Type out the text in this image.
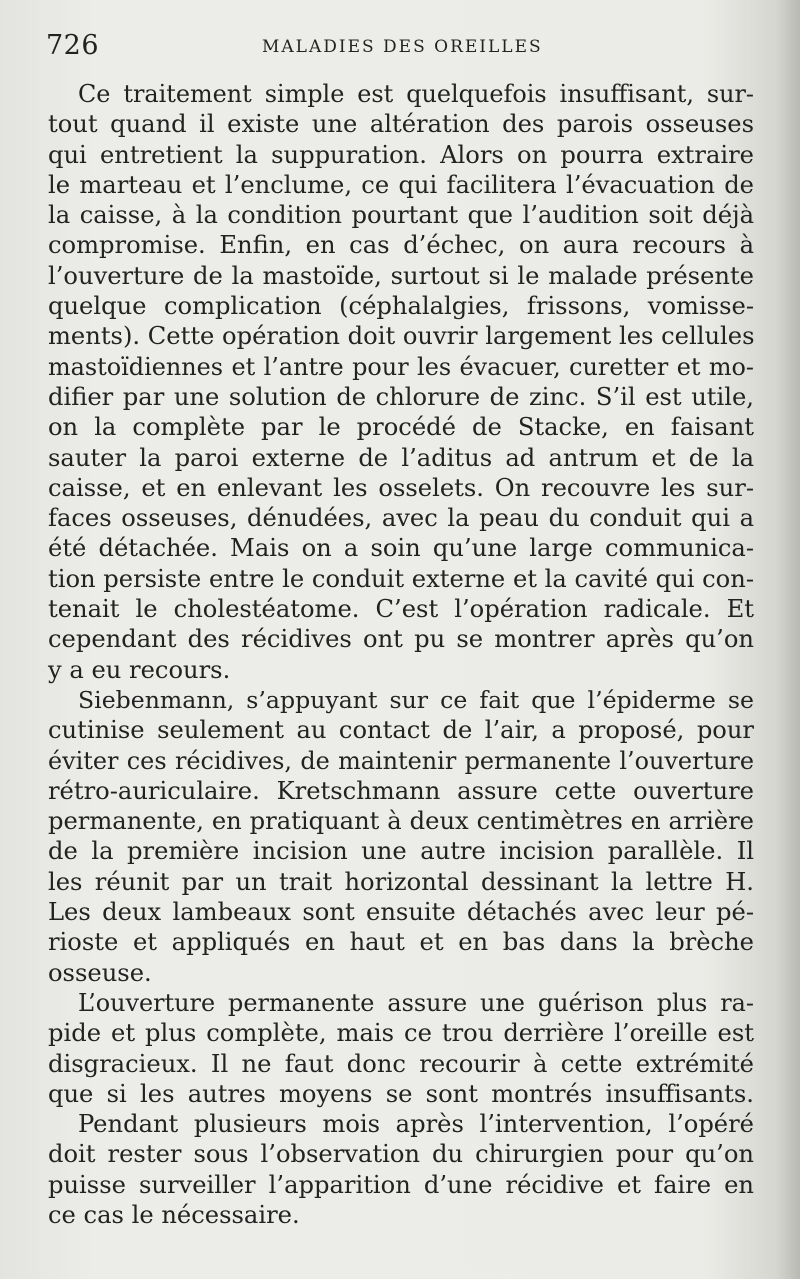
726	MALADIES DES OREILLES
Ce traitement simple est quelquefois insuffisant, sur-
tout quand il existe une altération des parois osseuses
qui entretient la suppuration. Alors on pourra extraire
le marteau et l’enclume, ce qui facilitera l’évacuation de
la caisse, à la condition pourtant que l’audition soit déjà
compromise. Enfin, en cas d’échec, on aura recours à
l’ouverture de la mastoïde, surtout si le malade présente
quelque complication (céphalalgies, frissons, vomisse-
ments). Cette opération doit ouvrir largement les cellules
mastoïdiennes et l’antre pour les évacuer, curetter et mo-
difier par une solution de chlorure de zinc. S’il est utile,
on la complète par le procédé de Stacke, en faisant
sauter la paroi externe de l’aditus ad antrum et de la
caisse, et en enlevant les osselets. On recouvre les sur-
faces osseuses, dénudées, avec la peau du conduit qui a
été détachée. Mais on a soin qu’une large communica-
tion persiste entre le conduit externe et la cavité qui con-
tenait le cholestéatome. C’est l’opération radicale. Et
cependant des récidives ont pu se montrer après qu’on
y a eu recours.
Siebenmann, s’appuyant sur ce fait que l’épiderme se
cutinise seulement au contact de l’air, a proposé, pour
éviter ces récidives, de maintenir permanente l’ouverture
rétro-auriculaire. Kretschmann assure cette ouverture
permanente, en pratiquant à deux centimètres en arrière
de la première incision une autre incision parallèle. Il
les réunit par un trait horizontal dessinant la lettre H.
Les deux lambeaux sont ensuite détachés avec leur pé-
rioste et appliqués en haut et en bas dans la brèche
osseuse.
L’ouverture permanente assure une guérison plus ra-
pide et plus complète, mais ce trou derrière l’oreille est
disgracieux. Il ne faut donc recourir à cette extrémité
que si les autres moyens se sont montrés insuffisants.
Pendant plusieurs mois après l’intervention, l’opéré
doit rester sous l’observation du chirurgien pour qu’on
puisse surveiller l’apparition d’une récidive et faire en
ce cas le nécessaire.
